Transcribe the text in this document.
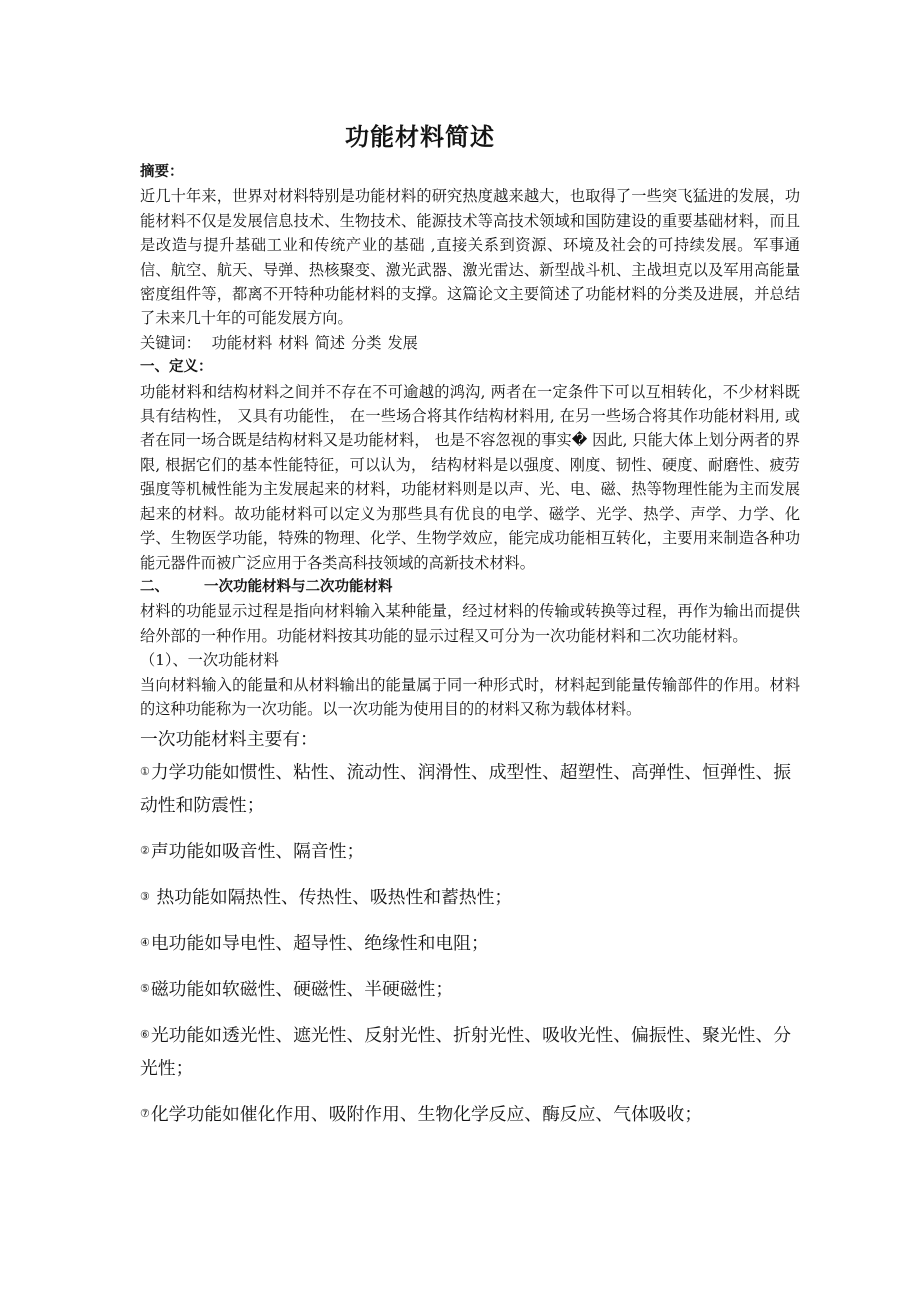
功能材料简述

摘要：

近几十年来，世界对材料特别是功能材料的研究热度越来越大，也取得了一些突飞猛进的发展，功能材料不仅是发展信息技术、生物技术、能源技术等高技术领域和国防建设的重要基础材料，而且是改造与提升基础工业和传统产业的基础 ,直接关系到资源、环境及社会的可持续发展。军事通信、航空、航天、导弹、热核聚变、激光武器、激光雷达、新型战斗机、主战坦克以及军用高能量密度组件等，都离不开特种功能材料的支撑。这篇论文主要简述了功能材料的分类及进展，并总结了未来几十年的可能发展方向。

关键词： 功能材料 材料 简述 分类 发展

一、定义：

功能材料和结构材料之间并不存在不可逾越的鸿沟, 两者在一定条件下可以互相转化，不少材料既具有结构性， 又具有功能性， 在一些场合将其作结构材料用, 在另一些场合将其作功能材料用, 或者在同一场合既是结构材料又是功能材料， 也是不容忽视的事实� 因此, 只能大体上划分两者的界限, 根据它们的基本性能特征，可以认为， 结构材料是以强度、刚度、韧性、硬度、耐磨性、疲劳强度等机械性能为主发展起来的材料，功能材料则是以声、光、电、磁、热等物理性能为主而发展起来的材料。故功能材料可以定义为那些具有优良的电学、磁学、光学、热学、声学、力学、化学、生物医学功能，特殊的物理、化学、生物学效应，能完成功能相互转化，主要用来制造各种功能元器件而被广泛应用于各类高科技领域的高新技术材料。

二、 一次功能材料与二次功能材料

材料的功能显示过程是指向材料输入某种能量，经过材料的传输或转换等过程，再作为输出而提供给外部的一种作用。功能材料按其功能的显示过程又可分为一次功能材料和二次功能材料。

（1）、一次功能材料

当向材料输入的能量和从材料输出的能量属于同一种形式时，材料起到能量传输部件的作用。材料的这种功能称为一次功能。以一次功能为使用目的的材料又称为载体材料。

一次功能材料主要有：

①力学功能如惯性、粘性、流动性、润滑性、成型性、超塑性、高弹性、恒弹性、振动性和防震性；

②声功能如吸音性、隔音性；

③ 热功能如隔热性、传热性、吸热性和蓄热性；

④电功能如导电性、超导性、绝缘性和电阻；

⑤磁功能如软磁性、硬磁性、半硬磁性；

⑥光功能如透光性、遮光性、反射光性、折射光性、吸收光性、偏振性、聚光性、分光性；

⑦化学功能如催化作用、吸附作用、生物化学反应、酶反应、气体吸收；
